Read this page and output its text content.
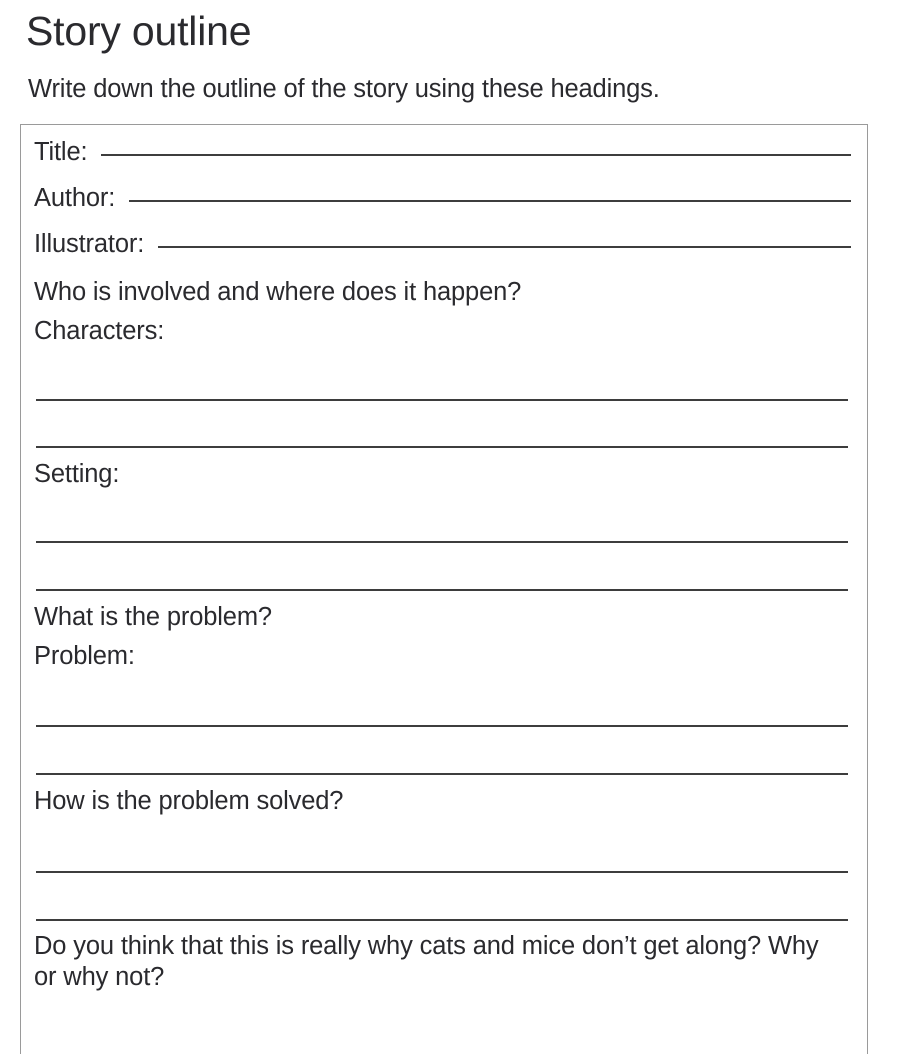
Story outline
Write down the outline of the story using these headings.
Title:
Author:
Illustrator:
Who is involved and where does it happen?
Characters:
Setting:
What is the problem?
Problem:
How is the problem solved?
Do you think that this is really why cats and mice don’t get along? Why or why not?
